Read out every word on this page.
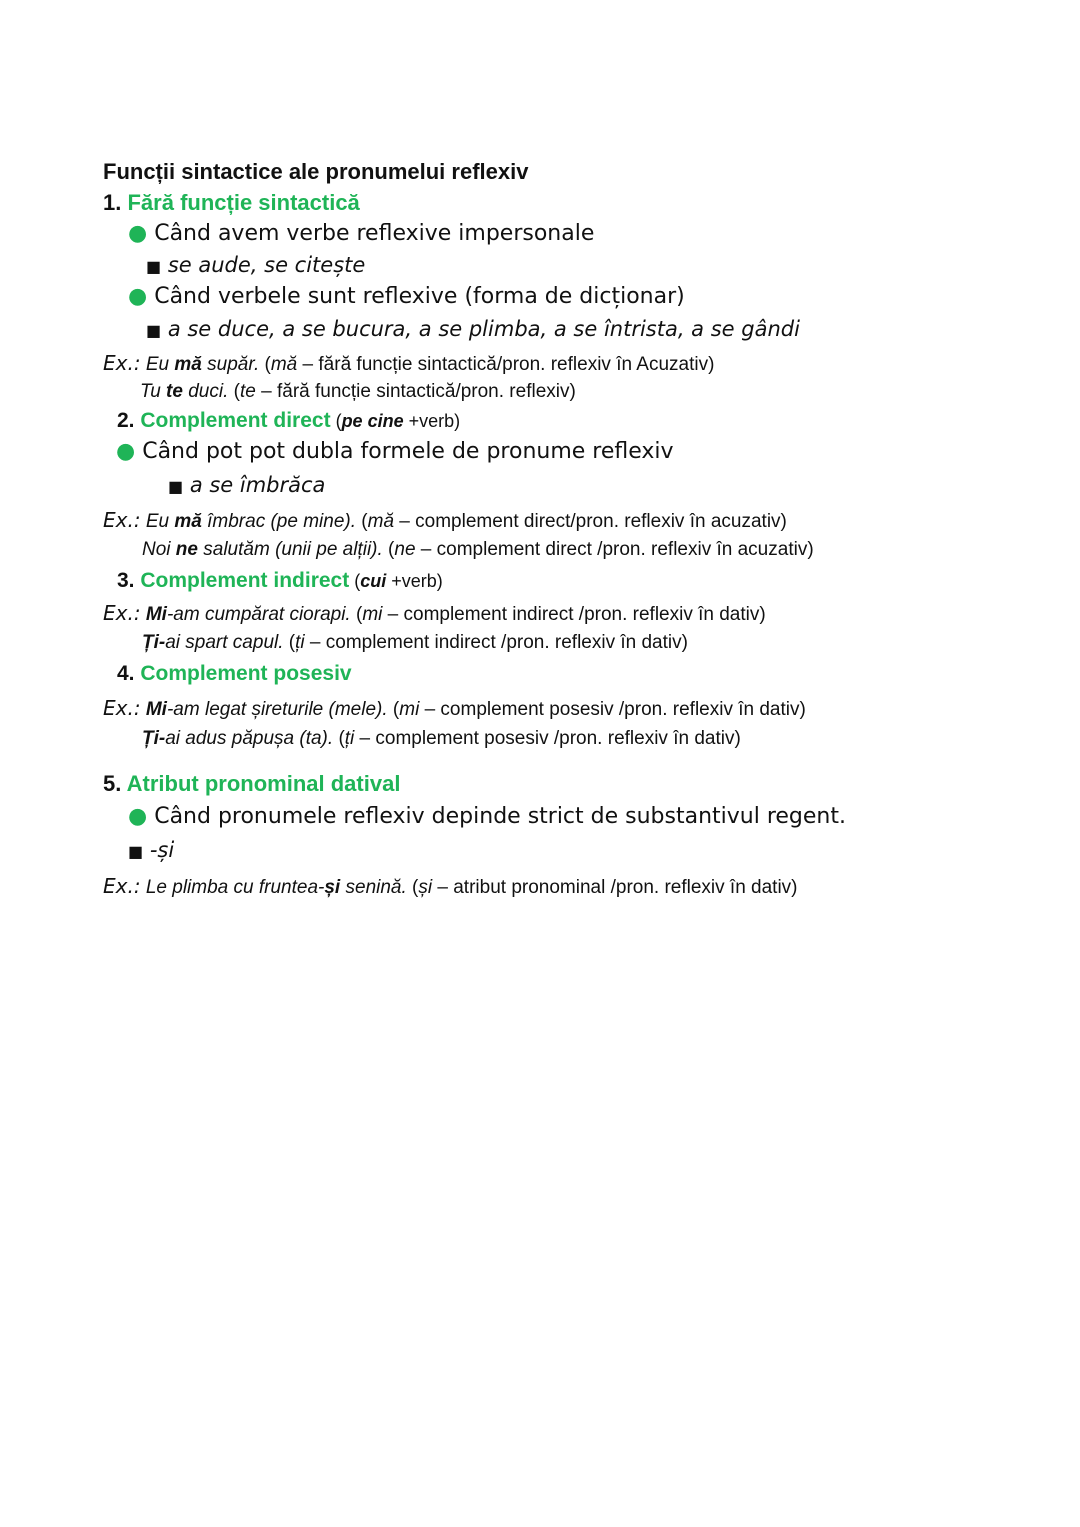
Funcții sintactice ale pronumelui reflexiv
1. Fără funcție sintactică
● Când avem verbe reflexive impersonale
■ se aude, se citește
● Când verbele sunt reflexive (forma de dicționar)
■ a se duce, a se bucura, a se plimba, a se întrista, a se gândi
Ex.: Eu mă supăr. (mă – fără funcție sintactică/pron. reflexiv în Acuzativ)
Tu te duci. (te – fără funcție sintactică/pron. reflexiv)
2. Complement direct (pe cine +verb)
● Când pot pot dubla formele de pronume reflexiv
■ a se îmbrăca
Ex.: Eu mă îmbrac (pe mine). (mă – complement direct/pron. reflexiv în acuzativ)
Noi ne salutăm (unii pe alții). (ne – complement direct /pron. reflexiv în acuzativ)
3. Complement indirect (cui +verb)
Ex.: Mi-am cumpărat ciorapi. (mi – complement indirect /pron. reflexiv în dativ)
Ți-ai spart capul. (ți – complement indirect /pron. reflexiv în dativ)
4. Complement posesiv
Ex.: Mi-am legat șireturile (mele). (mi – complement posesiv /pron. reflexiv în dativ)
Ți-ai adus păpușa (ta). (ți – complement posesiv /pron. reflexiv în dativ)
5. Atribut pronominal datival
● Când pronumele reflexiv depinde strict de substantivul regent.
■ -și
Ex.: Le plimba cu fruntea-și senină. (și – atribut pronominal /pron. reflexiv în dativ)
